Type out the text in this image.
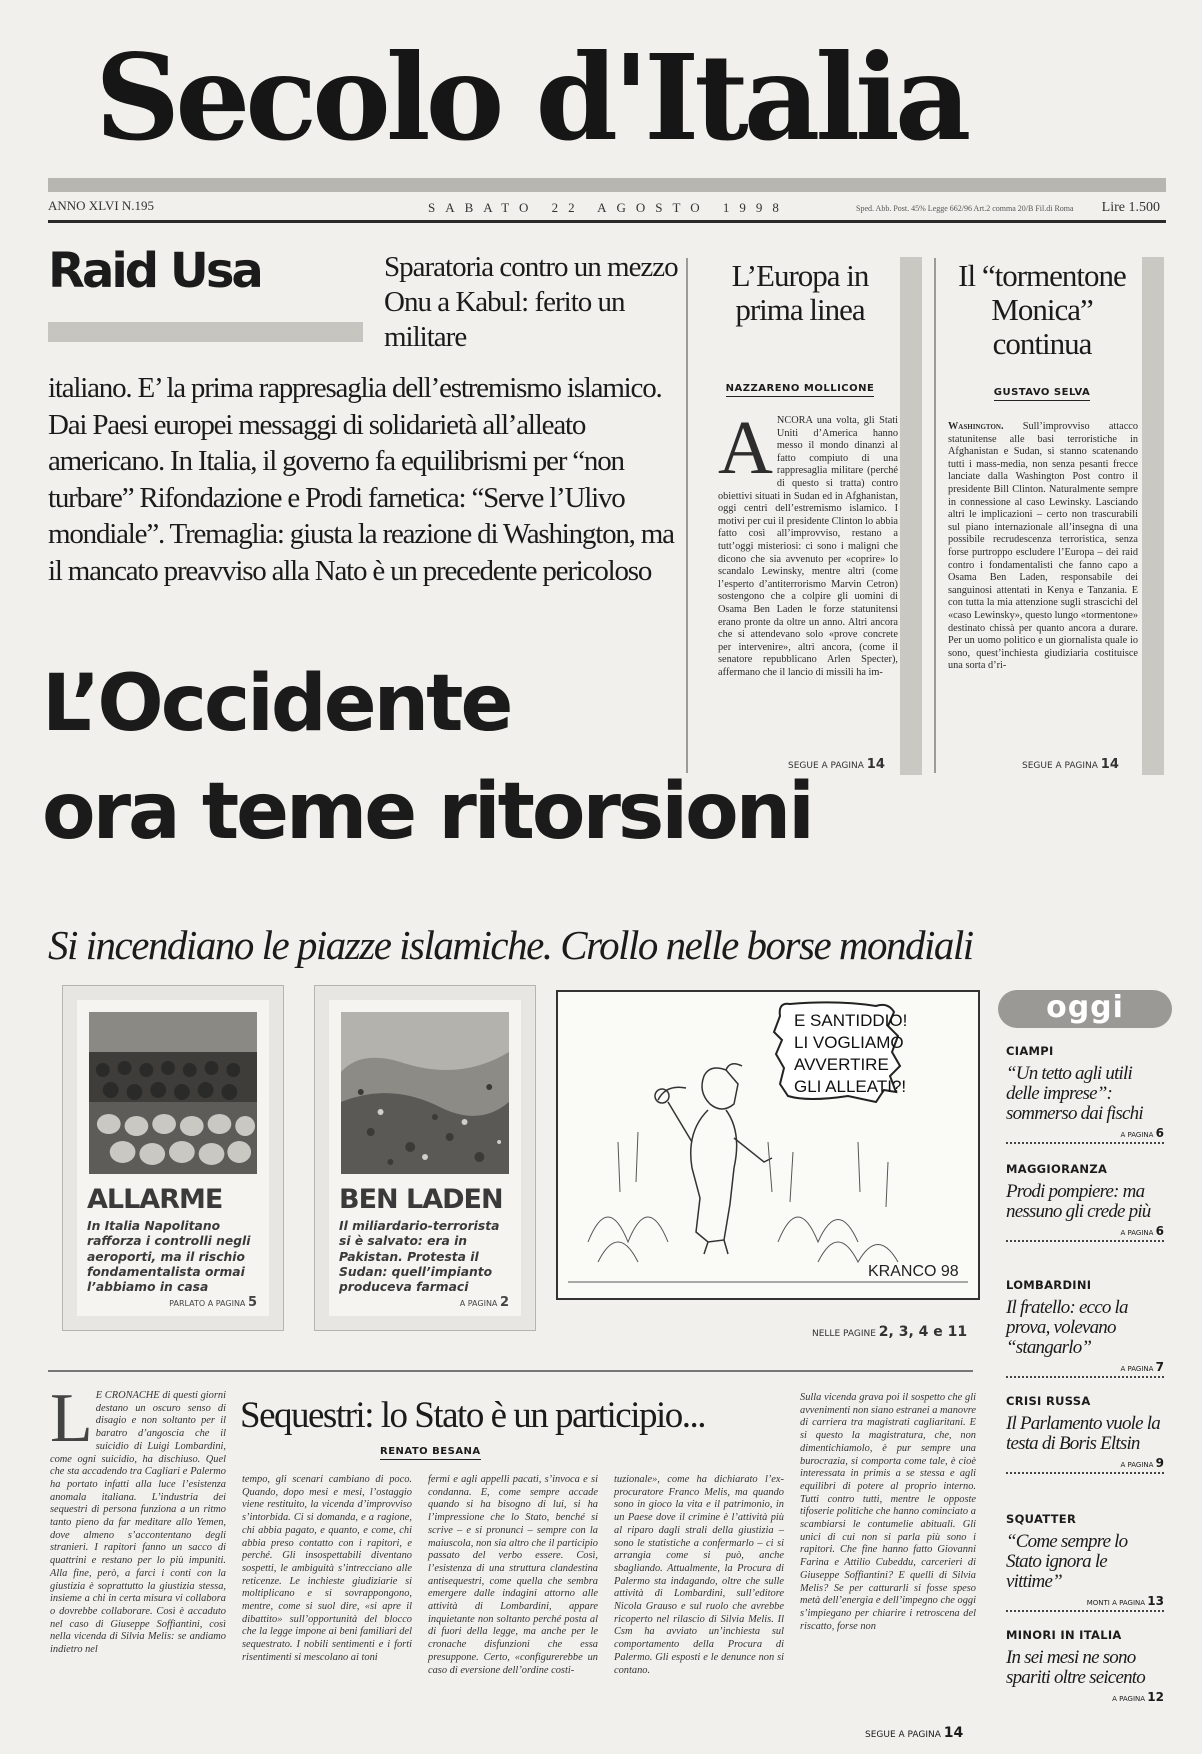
Secolo d'Italia
ANNO XLVI N.195	SABATO 22 AGOSTO 1998	Sped. Abb. Post. 45% Legge 662/96 Art.2 comma 20/B Fil.di Roma Lire 1.500
Raid Usa	Sparatoria contro un mezzo Onu a Kabul: ferito un militare
italiano. E’ la prima rappresaglia dell’estremismo islamico. Dai Paesi europei messaggi di solidarietà all’alleato americano. In Italia, il governo fa equilibrismi per “non turbare” Rifondazione e Prodi farnetica: “Serve l’Ulivo mondiale”. Tremaglia: giusta la reazione di Washington, ma il mancato preavviso alla Nato è un precedente pericoloso
L’Europa in prima linea
NAZZARENO MOLLICONE
ANCORA una volta, gli Stati Uniti d’America hanno messo il mondo dinanzi al fatto compiuto di una rappresaglia militare (perché di questo si tratta) contro obiettivi situati in Sudan ed in Afghanistan, oggi centri dell’estremismo islamico. I motivi per cui il presidente Clinton lo abbia fatto così all’improvviso, restano a tutt’oggi misteriosi: ci sono i maligni che dicono che sia avvenuto per «coprire» lo scandalo Lewinsky, mentre altri (come l’esperto d’antiterrorismo Marvin Cetron) sostengono che a colpire gli uomini di Osama Ben Laden le forze statunitensi erano pronte da oltre un anno. Altri ancora che si attendevano solo «prove concrete per intervenire», altri ancora, (come il senatore repubblicano Arlen Specter), affermano che il lancio di missili ha im-
SEGUE A PAGINA 14
Il “tormentone Monica” continua
GUSTAVO SELVA
Washington. Sull’improvviso attacco statunitense alle basi terroristiche in Afghanistan e Sudan, si stanno scatenando tutti i mass-media, non senza pesanti frecce lanciate dalla Washington Post contro il presidente Bill Clinton. Naturalmente sempre in connessione al caso Lewinsky. Lasciando altri le implicazioni – certo non trascurabili sul piano internazionale all’insegna di una possibile recrudescenza terroristica, senza forse purtroppo escludere l’Europa – dei raid contro i fondamentalisti che fanno capo a Osama Ben Laden, responsabile dei sanguinosi attentati in Kenya e Tanzania. E con tutta la mia attenzione sugli strascichi del «caso Lewinsky», questo lungo «tormentone» destinato chissà per quanto ancora a durare. Per un uomo politico e un giornalista quale io sono, quest’inchiesta giudiziaria costituisce una sorta d’ri-
SEGUE A PAGINA 14
L’Occidente
ora teme ritorsioni
Si incendiano le piazze islamiche. Crollo nelle borse mondiali
ALLARME
In Italia Napolitano rafforza i controlli negli aeroporti, ma il rischio fondamentalista ormai l’abbiamo in casa
PARLATO A PAGINA 5
BEN LADEN
Il miliardario-terrorista si è salvato: era in Pakistan. Protesta il Sudan: quell’impianto produceva farmaci
A PAGINA 2
E SANTIDDIO!
LI VOGLIAMO
AVVERTIRE
GLI ALLEATI?!
KRANCO 98
NELLE PAGINE 2, 3, 4 e 11
oggi
CIAMPI
“Un tetto agli utili delle imprese”: sommerso dai fischi
A PAGINA 6
MAGGIORANZA
Prodi pompiere: ma nessuno gli crede più
A PAGINA 6
LOMBARDINI
Il fratello: ecco la prova, volevano “stangarlo”
A PAGINA 7
CRISI RUSSA
Il Parlamento vuole la testa di Boris Eltsin
A PAGINA 9
SQUATTER
“Come sempre lo Stato ignora le vittime”
MONTI A PAGINA 13
MINORI IN ITALIA
In sei mesi ne sono spariti oltre seicento
A PAGINA 12
Sequestri: lo Stato è un participio...
RENATO BESANA
L E CRONACHE di questi giorni destano un oscuro senso di disagio e non soltanto per il baratro d’angoscia che il suicidio di Luigi Lombardini, come ogni suicidio, ha dischiuso. Quel che sta accadendo tra Cagliari e Palermo ha portato infatti alla luce l’esistenza anomala italiana. L’industria dei sequestri di persona funziona a un ritmo tanto pieno da far meditare allo Yemen, dove almeno s’accontentano degli stranieri. I rapitori fanno un sacco di quattrini e restano per lo più impuniti. Alla fine, però, a farci i conti con la giustizia è soprattutto la giustizia stessa, insieme a chi in certa misura vi collabora o dovrebbe collaborare. Così è accaduto nel caso di Giuseppe Soffiantini, così nella vicenda di Silvia Melis: se andiamo indietro nel
tempo, gli scenari cambiano di poco. Quando, dopo mesi e mesi, l’ostaggio viene restituito, la vicenda d’improvviso s’intorbida. Ci si domanda, e a ragione, chi abbia pagato, e quanto, e come, chi abbia preso contatto con i rapitori, e perché. Gli insospettabili diventano sospetti, le ambiguità s’intrecciano alle reticenze. Le inchieste giudiziarie si moltiplicano e si sovrappongono, mentre, come si suol dire, «si apre il dibattito» sull’opportunità del blocco che la legge impone ai beni familiari del sequestrato. I nobili sentimenti e i forti risentimenti si mescolano ai toni
fermi e agli appelli pacati, s’invoca e si condanna. E, come sempre accade quando si ha bisogno di lui, si ha l’impressione che lo Stato, benché si scrive – e si pronunci – sempre con la maiuscola, non sia altro che il participio passato del verbo essere. Così, l’esistenza di una struttura clandestina antisequestri, come quella che sembra emergere dalle indagini attorno alle attività di Lombardini, appare inquietante non soltanto perché posta al di fuori della legge, ma anche per le cronache disfunzioni che essa presuppone. Certo, «configurerebbe un caso di eversione dell’ordine costi-
tuzionale», come ha dichiarato l’ex-procuratore Franco Melis, ma quando sono in gioco la vita e il patrimonio, in un Paese dove il crimine è l’attività più al riparo dagli strali della giustizia – sono le statistiche a confermarlo – ci si arrangia come si può, anche sbagliando. Attualmente, la Procura di Palermo sta indagando, oltre che sulle attività di Lombardini, sull’editore Nicola Grauso e sul ruolo che avrebbe ricoperto nel rilascio di Silvia Melis. Il Csm ha avviato un’inchiesta sul comportamento della Procura di Palermo. Gli esposti e le denunce non si contano.
Sulla vicenda grava poi il sospetto che gli avvenimenti non siano estranei a manovre di carriera tra magistrati cagliaritani. E si questo la magistratura, che, non dimentichiamolo, è pur sempre una burocrazia, si comporta come tale, è cioè interessata in primis a se stessa e agli equilibri di potere al proprio interno. Tutti contro tutti, mentre le opposte tifoserie politiche che hanno cominciato a scambiarsi le contumelie abituali. Gli unici di cui non si parla più sono i rapitori. Che fine hanno fatto Giovanni Farina e Attilio Cubeddu, carcerieri di Giuseppe Soffiantini? E quelli di Silvia Melis? Se per catturarli si fosse speso metà dell’energia e dell’impegno che oggi s’impiegano per chiarire i retroscena del riscatto, forse non
SEGUE A PAGINA 14
